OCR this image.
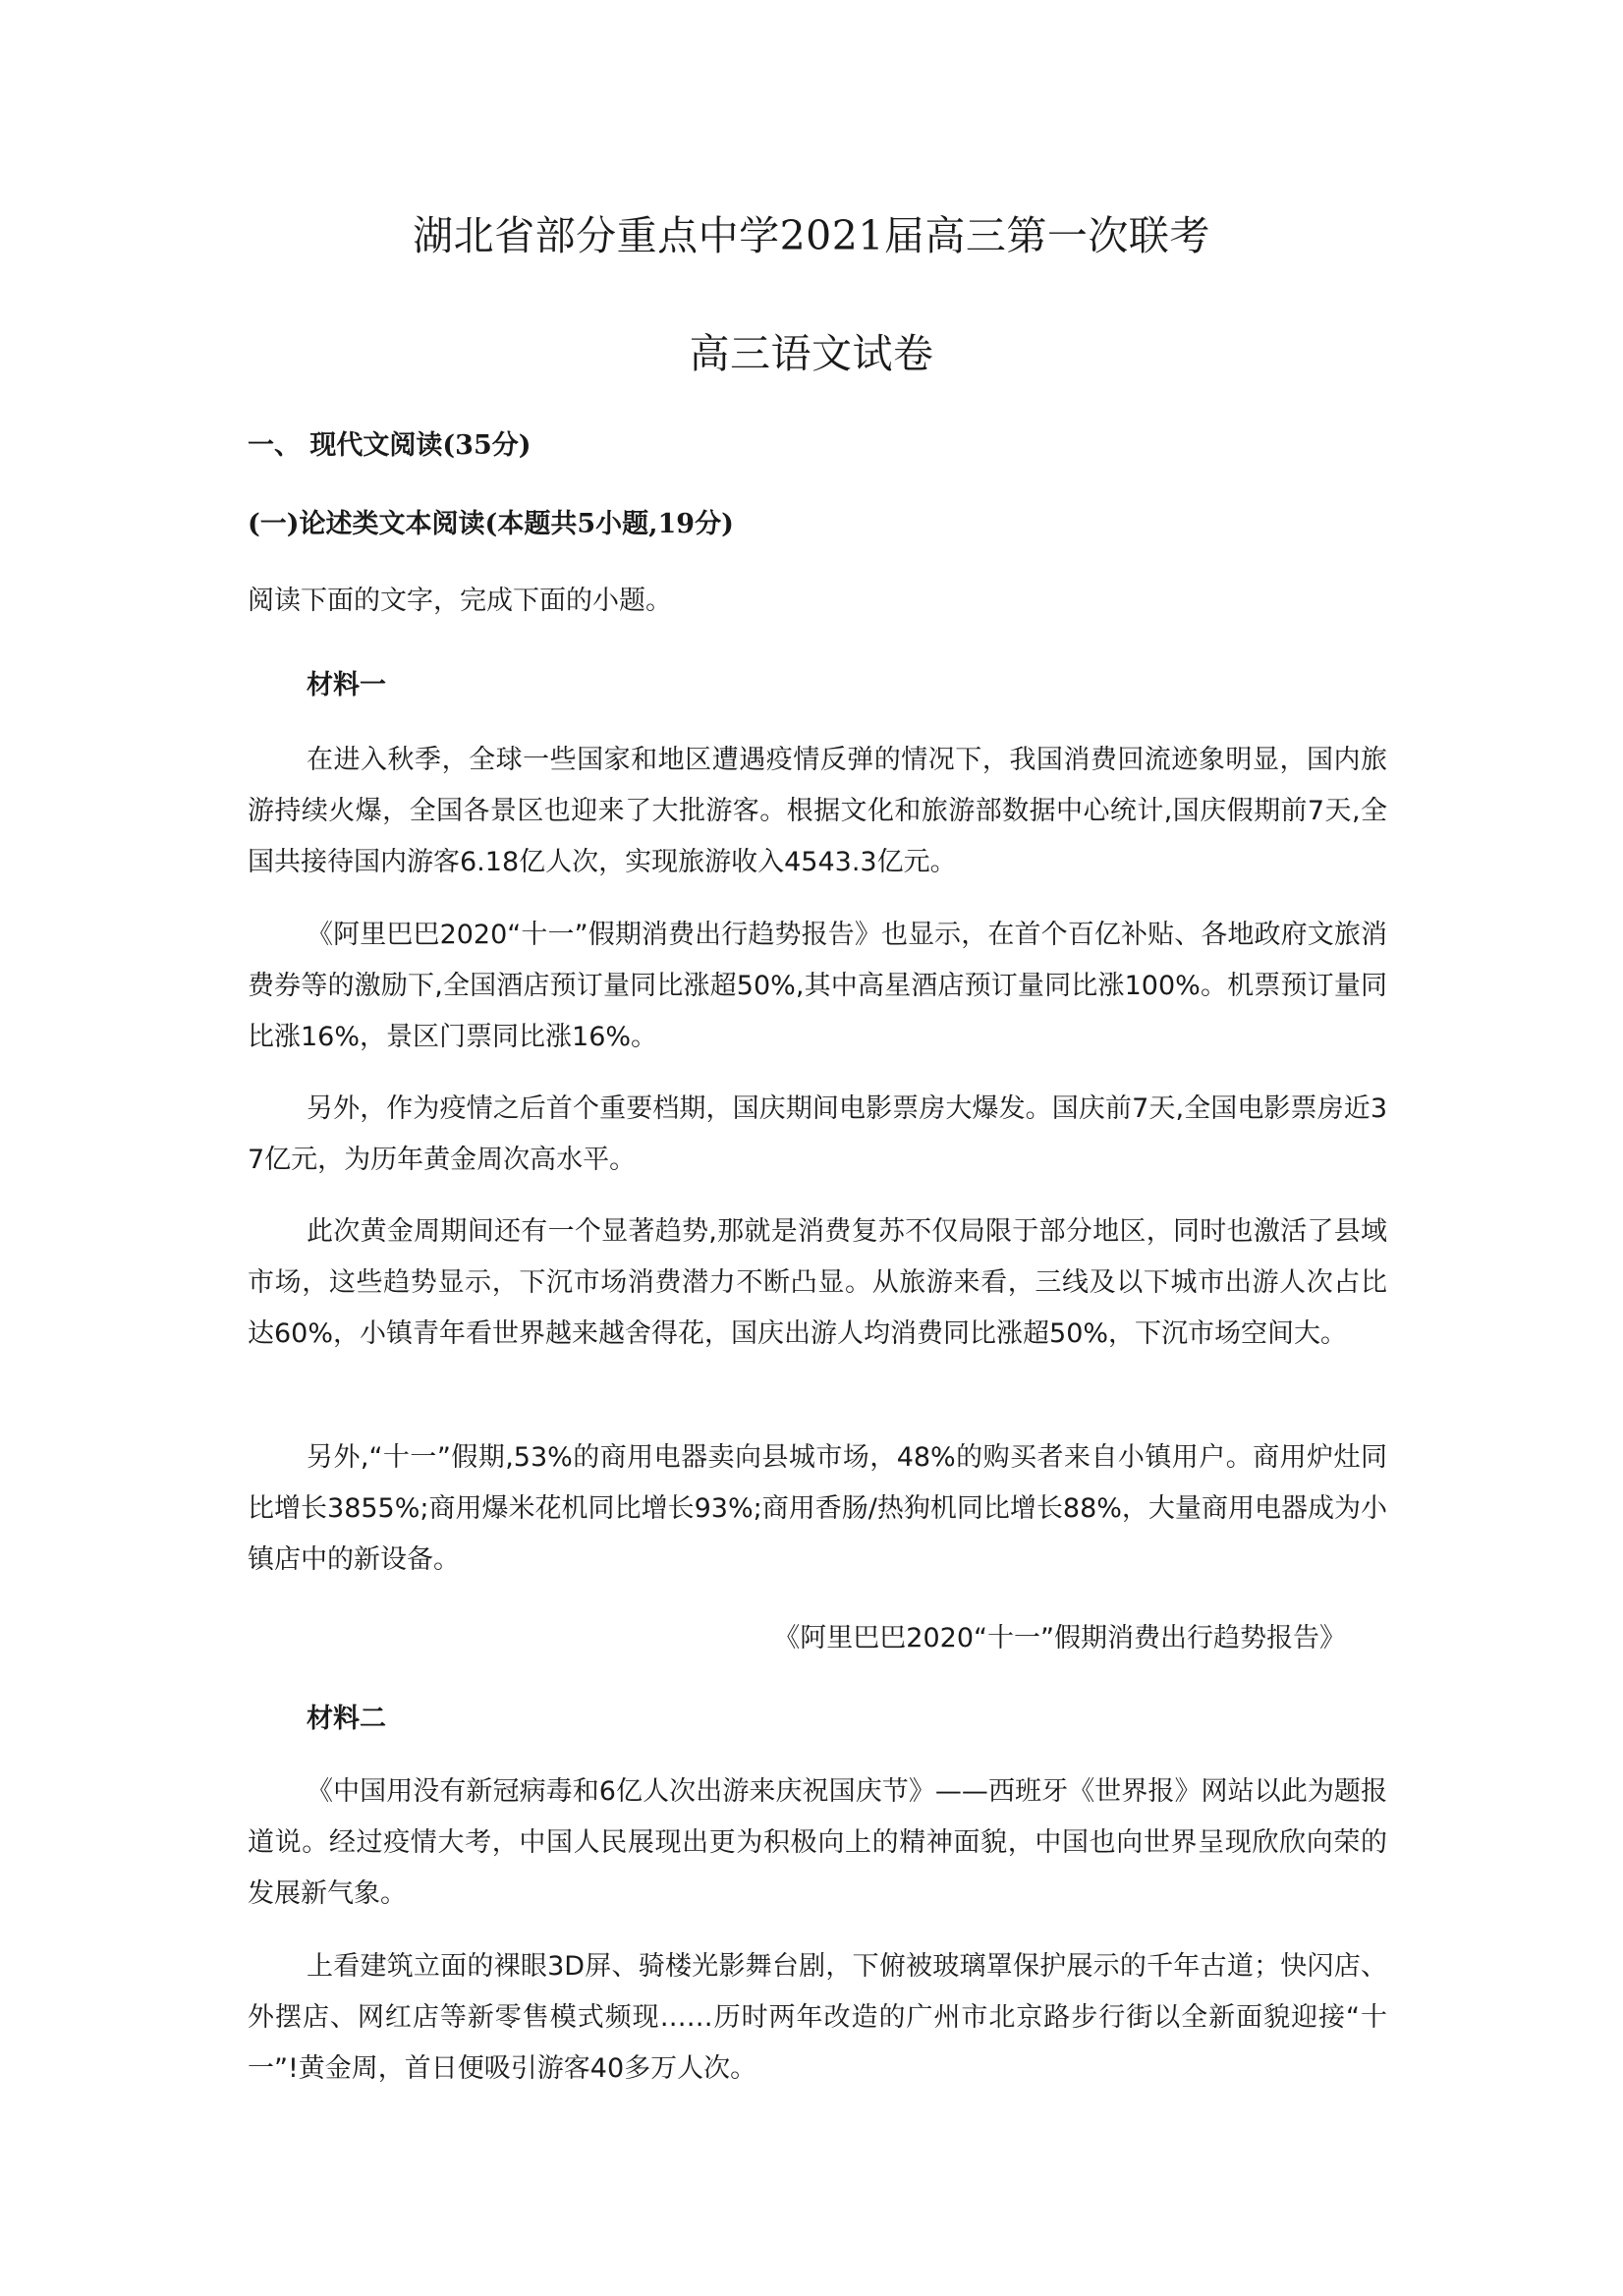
湖北省部分重点中学2021届高三第一次联考
高三语文试卷

一、 现代文阅读(35分)

(一)论述类文本阅读(本题共5小题,19分)

阅读下面的文字，完成下面的小题。

材料一

在进入秋季，全球一些国家和地区遭遇疫情反弹的情况下，我国消费回流迹象明显，国内旅游持续火爆，全国各景区也迎来了大批游客。根据文化和旅游部数据中心统计,国庆假期前7天,全国共接待国内游客6.18亿人次，实现旅游收入4543.3亿元。

《阿里巴巴2020“十一”假期消费出行趋势报告》也显示，在首个百亿补贴、各地政府文旅消费券等的激励下,全国酒店预订量同比涨超50%,其中高星酒店预订量同比涨100%。机票预订量同比涨16%，景区门票同比涨16%。

另外，作为疫情之后首个重要档期，国庆期间电影票房大爆发。国庆前7天,全国电影票房近37亿元，为历年黄金周次高水平。

此次黄金周期间还有一个显著趋势,那就是消费复苏不仅局限于部分地区，同时也激活了县域市场，这些趋势显示，下沉市场消费潜力不断凸显。从旅游来看，三线及以下城市出游人次占比达60%，小镇青年看世界越来越舍得花，国庆出游人均消费同比涨超50%，下沉市场空间大。

另外,“十一”假期,53%的商用电器卖向县城市场，48%的购买者来自小镇用户。商用炉灶同比增长3855%;商用爆米花机同比增长93%;商用香肠/热狗机同比增长88%，大量商用电器成为小镇店中的新设备。

《阿里巴巴2020“十一”假期消费出行趋势报告》

材料二

《中国用没有新冠病毒和6亿人次出游来庆祝国庆节》——西班牙《世界报》网站以此为题报道说。经过疫情大考，中国人民展现出更为积极向上的精神面貌，中国也向世界呈现欣欣向荣的发展新气象。

上看建筑立面的裸眼3D屏、骑楼光影舞台剧，下俯被玻璃罩保护展示的千年古道；快闪店、外摆店、网红店等新零售模式频现……历时两年改造的广州市北京路步行街以全新面貌迎接“十一”!黄金周，首日便吸引游客40多万人次。
